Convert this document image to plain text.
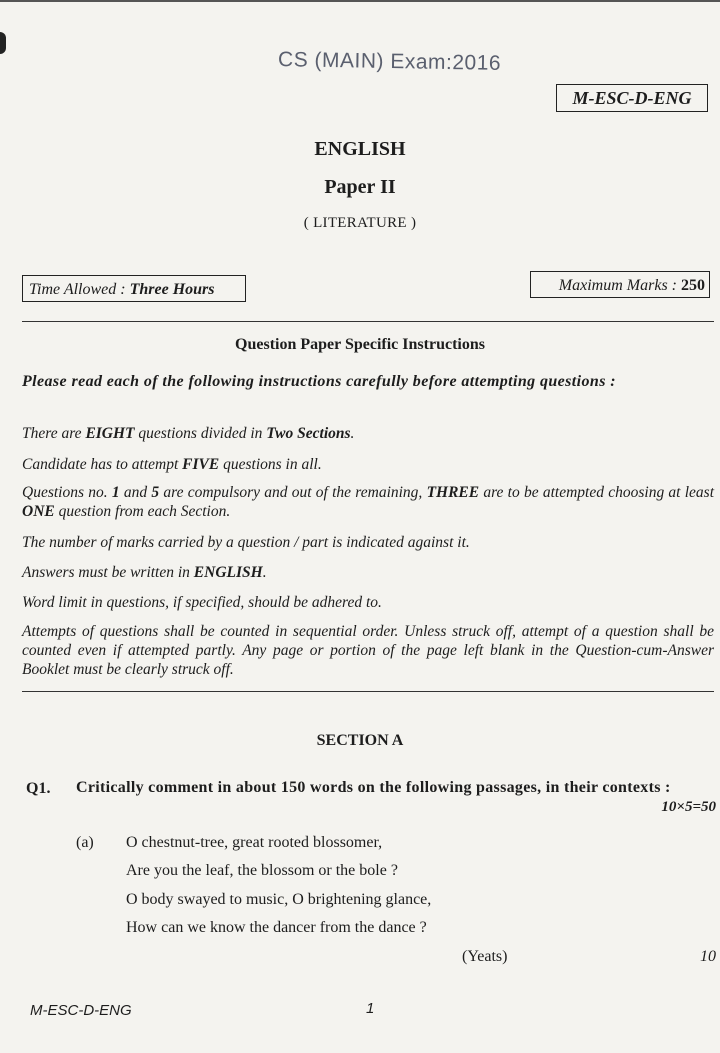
CS (MAIN) Exam:2016
M-ESC-D-ENG
ENGLISH
Paper II
( LITERATURE )
Time Allowed : Three Hours	Maximum Marks : 250
Question Paper Specific Instructions
Please read each of the following instructions carefully before attempting questions :
There are EIGHT questions divided in Two Sections.
Candidate has to attempt FIVE questions in all.
Questions no. 1 and 5 are compulsory and out of the remaining, THREE are to be attempted choosing at least ONE question from each Section.
The number of marks carried by a question / part is indicated against it.
Answers must be written in ENGLISH.
Word limit in questions, if specified, should be adhered to.
Attempts of questions shall be counted in sequential order. Unless struck off, attempt of a question shall be counted even if attempted partly. Any page or portion of the page left blank in the Question-cum-Answer Booklet must be clearly struck off.
SECTION A
Q1. Critically comment in about 150 words on the following passages, in their contexts :
10×5=50
(a) O chestnut-tree, great rooted blossomer,
Are you the leaf, the blossom or the bole ?
O body swayed to music, O brightening glance,
How can we know the dancer from the dance ?
(Yeats)	10
M-ESC-D-ENG	1
